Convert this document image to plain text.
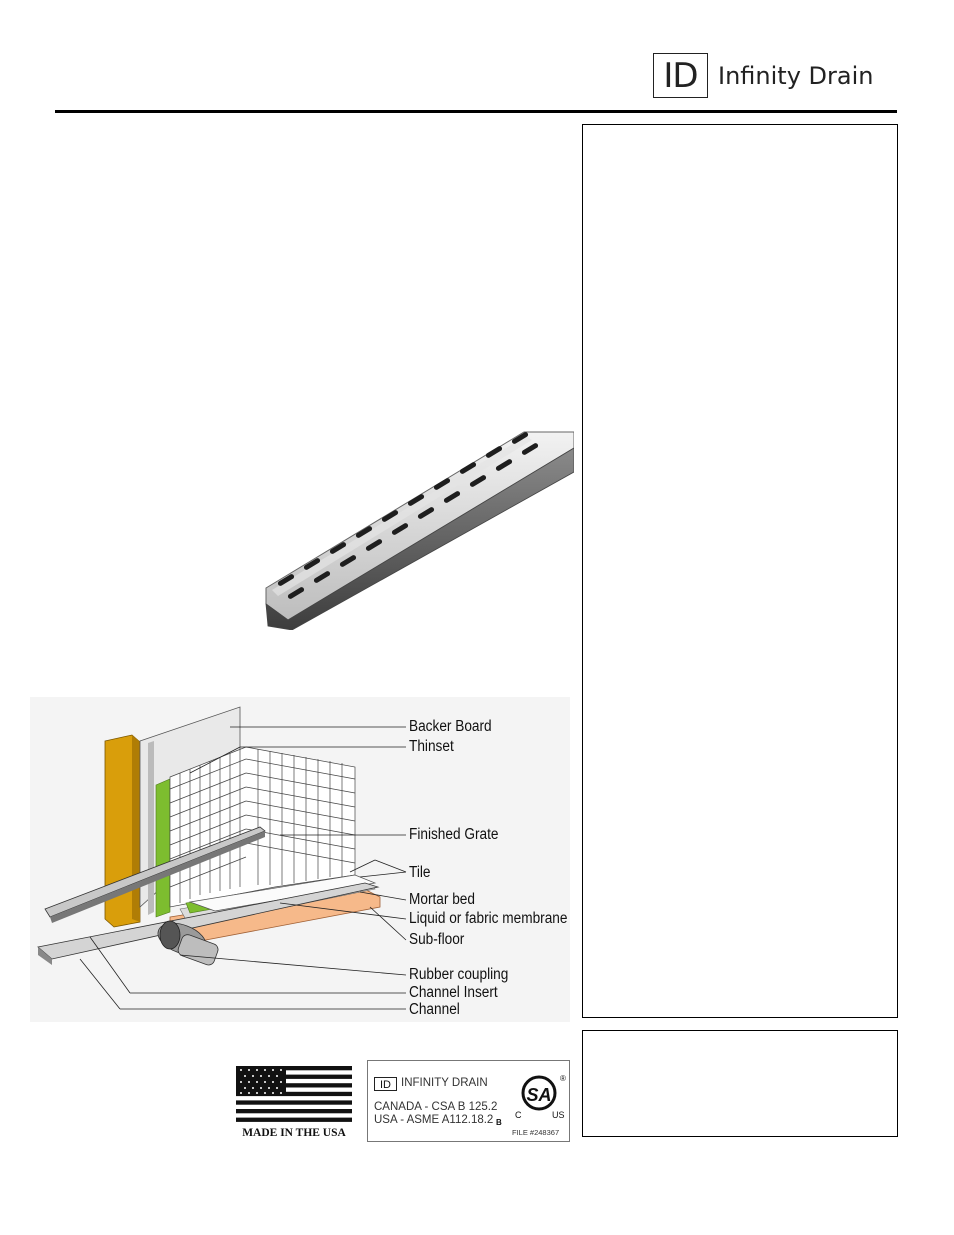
ID Infinity Drain
Backer Board
Thinset
Finished Grate
Tile
Mortar bed
Liquid or fabric membrane
Sub-floor
Rubber coupling
Channel Insert
Channel
MADE IN THE USA
ID INFINITY DRAIN
CANADA - CSA B 125.2
USA - ASME A112.18.2 B
SA
®
C	US
FILE #248367
